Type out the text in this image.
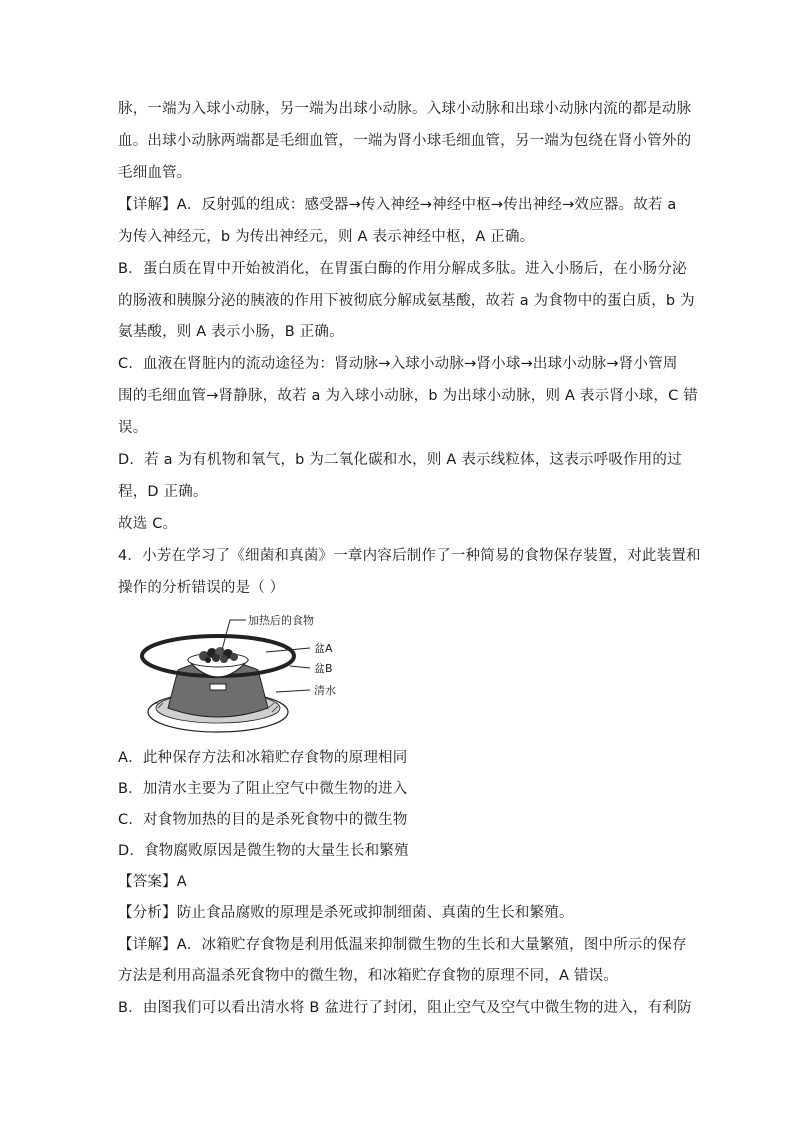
脉，一端为入球小动脉，另一端为出球小动脉。入球小动脉和出球小动脉内流的都是动脉
血。出球小动脉两端都是毛细血管，一端为肾小球毛细血管，另一端为包绕在肾小管外的
毛细血管。
【详解】A．反射弧的组成：感受器→传入神经→神经中枢→传出神经→效应器。故若 a
为传入神经元，b 为传出神经元，则 A 表示神经中枢，A 正确。
B．蛋白质在胃中开始被消化，在胃蛋白酶的作用分解成多肽。进入小肠后，在小肠分泌
的肠液和胰腺分泌的胰液的作用下被彻底分解成氨基酸，故若 a 为食物中的蛋白质，b 为
氨基酸，则 A 表示小肠，B 正确。
C．血液在肾脏内的流动途径为：肾动脉→入球小动脉→肾小球→出球小动脉→肾小管周
围的毛细血管→肾静脉，故若 a 为入球小动脉，b 为出球小动脉，则 A 表示肾小球，C 错
误。
D．若 a 为有机物和氧气，b 为二氧化碳和水，则 A 表示线粒体，这表示呼吸作用的过
程，D 正确。
故选 C。
4．小芳在学习了《细菌和真菌》一章内容后制作了一种简易的食物保存装置，对此装置和
操作的分析错误的是（ ）
加热后的食物
盆A
盆B
清水
A．此种保存方法和冰箱贮存食物的原理相同
B．加清水主要为了阻止空气中微生物的进入
C．对食物加热的目的是杀死食物中的微生物
D．食物腐败原因是微生物的大量生长和繁殖
【答案】A
【分析】防止食品腐败的原理是杀死或抑制细菌、真菌的生长和繁殖。
【详解】A．冰箱贮存食物是利用低温来抑制微生物的生长和大量繁殖，图中所示的保存
方法是利用高温杀死食物中的微生物，和冰箱贮存食物的原理不同，A 错误。
B．由图我们可以看出清水将 B 盆进行了封闭，阻止空气及空气中微生物的进入，有利防
